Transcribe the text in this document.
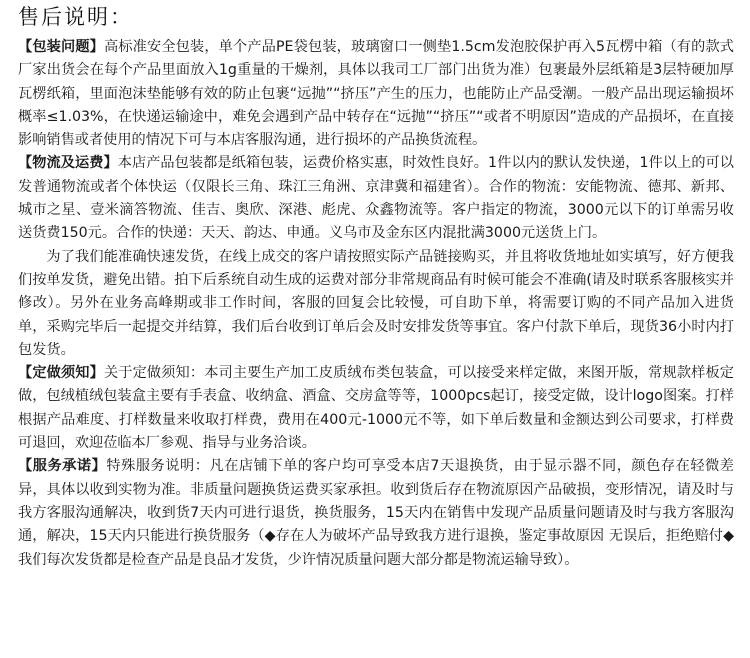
售后说明：

【包装问题】高标准安全包装，单个产品PE袋包装，玻璃窗口一侧垫1.5cm发泡胶保护再入5瓦楞中箱（有的款式厂家出货会在每个产品里面放入1g重量的干燥剂，具体以我司工厂部门出货为准）包裹最外层纸箱是3层特硬加厚瓦楞纸箱，里面泡沫垫能够有效的防止包裹“远抛”“挤压”产生的压力，也能防止产品受潮。一般产品出现运输损坏概率≤1.03%，在快递运输途中，难免会遇到产品中转存在“远抛”“挤压”“或者不明原因”造成的产品损坏，在直接影响销售或者使用的情况下可与本店客服沟通，进行损坏的产品换货流程。

【物流及运费】本店产品包装都是纸箱包装，运费价格实惠，时效性良好。1件以内的默认发快递，1件以上的可以发普通物流或者个体快运（仅限长三角、珠江三角洲、京津冀和福建省）。合作的物流：安能物流、德邦、新邦、城市之星、壹米滴答物流、佳吉、奥欣、深港、彪虎、众鑫物流等。客户指定的物流，3000元以下的订单需另收送货费150元。合作的快递：天天、韵达、申通。义乌市及金东区内混批满3000元送货上门。
为了我们能准确快速发货，在线上成交的客户请按照实际产品链接购买，并且将收货地址如实填写，好方便我们按单发货，避免出错。拍下后系统自动生成的运费对部分非常规商品有时候可能会不准确(请及时联系客服核实并修改）。另外在业务高峰期或非工作时间，客服的回复会比较慢，可自助下单，将需要订购的不同产品加入进货单，采购完毕后一起提交并结算，我们后台收到订单后会及时安排发货等事宜。客户付款下单后，现货36小时内打包发货。

【定做须知】关于定做须知：本司主要生产加工皮质绒布类包装盒，可以接受来样定做，来图开版，常规款样板定做，包绒植绒包装盒主要有手表盒、收纳盒、酒盒、交房盒等等，1000pcs起订，接受定做，设计logo图案。打样根据产品难度、打样数量来收取打样费，费用在400元-1000元不等，如下单后数量和金额达到公司要求，打样费可退回，欢迎莅临本厂参观、指导与业务洽谈。

【服务承诺】特殊服务说明：凡在店铺下单的客户均可享受本店7天退换货，由于显示器不同，颜色存在轻微差异，具体以收到实物为准。非质量问题换货运费买家承担。收到货后存在物流原因产品破损，变形情况，请及时与我方客服沟通解决，收到货7天内可进行退货，换货服务，15天内在销售中发现产品质量问题请及时与我方客服沟通，解决，15天内只能进行换货服务（◆存在人为破坏产品导致我方进行退换，鉴定事故原因 无误后，拒绝赔付◆我们每次发货都是检查产品是良品才发货，少许情况质量问题大部分都是物流运输导致）。
